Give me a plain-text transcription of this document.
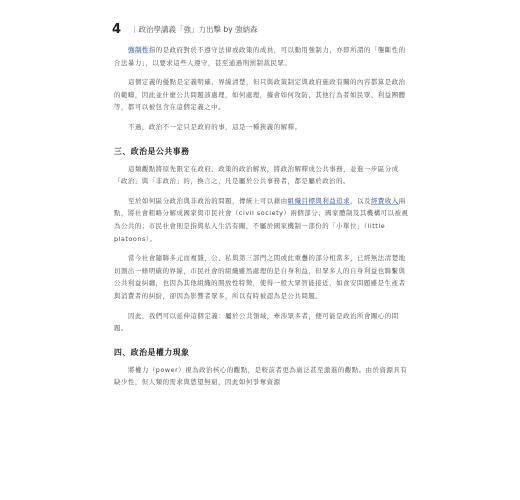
4 ｜政治學講義「強」力出擊 by 強納森

強制性指的是政府對於不遵守法律或政策的成員，可以動用強制力，亦即所謂的「壟斷性的合法暴力」，以要求這些人遵守，甚至通過刑罰制裁民眾。

這個定義的優點是定義明確，界線清楚，但只與政策制定與政府施政有關的內容都算是政治的範疇，因此並什麼公共問題該處理，如何處理，據會如何攻防，其他行為者如民眾、利益團體等，都可以被包含在這個定義之中。

不過，政治不一定只是政府的事，這是一種狹義的解釋。

三、政治是公共事務

這類觀點將原先限定在政府、政策的政治解放，將政治解釋成公共事務，並進一步區分成「政治」與「非政治」的，換言之，凡是屬於公共事務者，都是屬於政治的。

至於如何區分政治與非政治的問題，傳統上可以藉由組織目標與利益追求，以及經費收入兩點，將社會粗略分解成國家與市民社會（civil society）兩個部分；國家體制及其機構可以被視為公共的；市民社會則是指與私人生活有關，不屬於國家機制一部份的「小單位」（little platoons）。

當今社會隨聯多元而複雜，公、私與第三部門之間或此重疊的部分相當多，已經無法清楚地切割出一條明確的界線，市民社會的組織雖然處理的是自身利益，但眾多人的自身利益也聯繫與公共利益糾纏，也因為其他組織的開放性特徵，使得一般大眾智能接近，如食安問題雖是生產者與消費者的糾紛，卻因為影響者眾多，所以有時被認為是公共問題。

因此，我們可以延伸這個定義：屬於公共領域，牽涉眾多者，便可能是政治所會關心的問題。

四、政治是權力現象

將權力（power）視為政治核心的觀點，是較前者更為廣泛甚至激進的觀點。由於資源具有缺少性，但人類的需求與慾望無窮，因此如何爭奪資源
